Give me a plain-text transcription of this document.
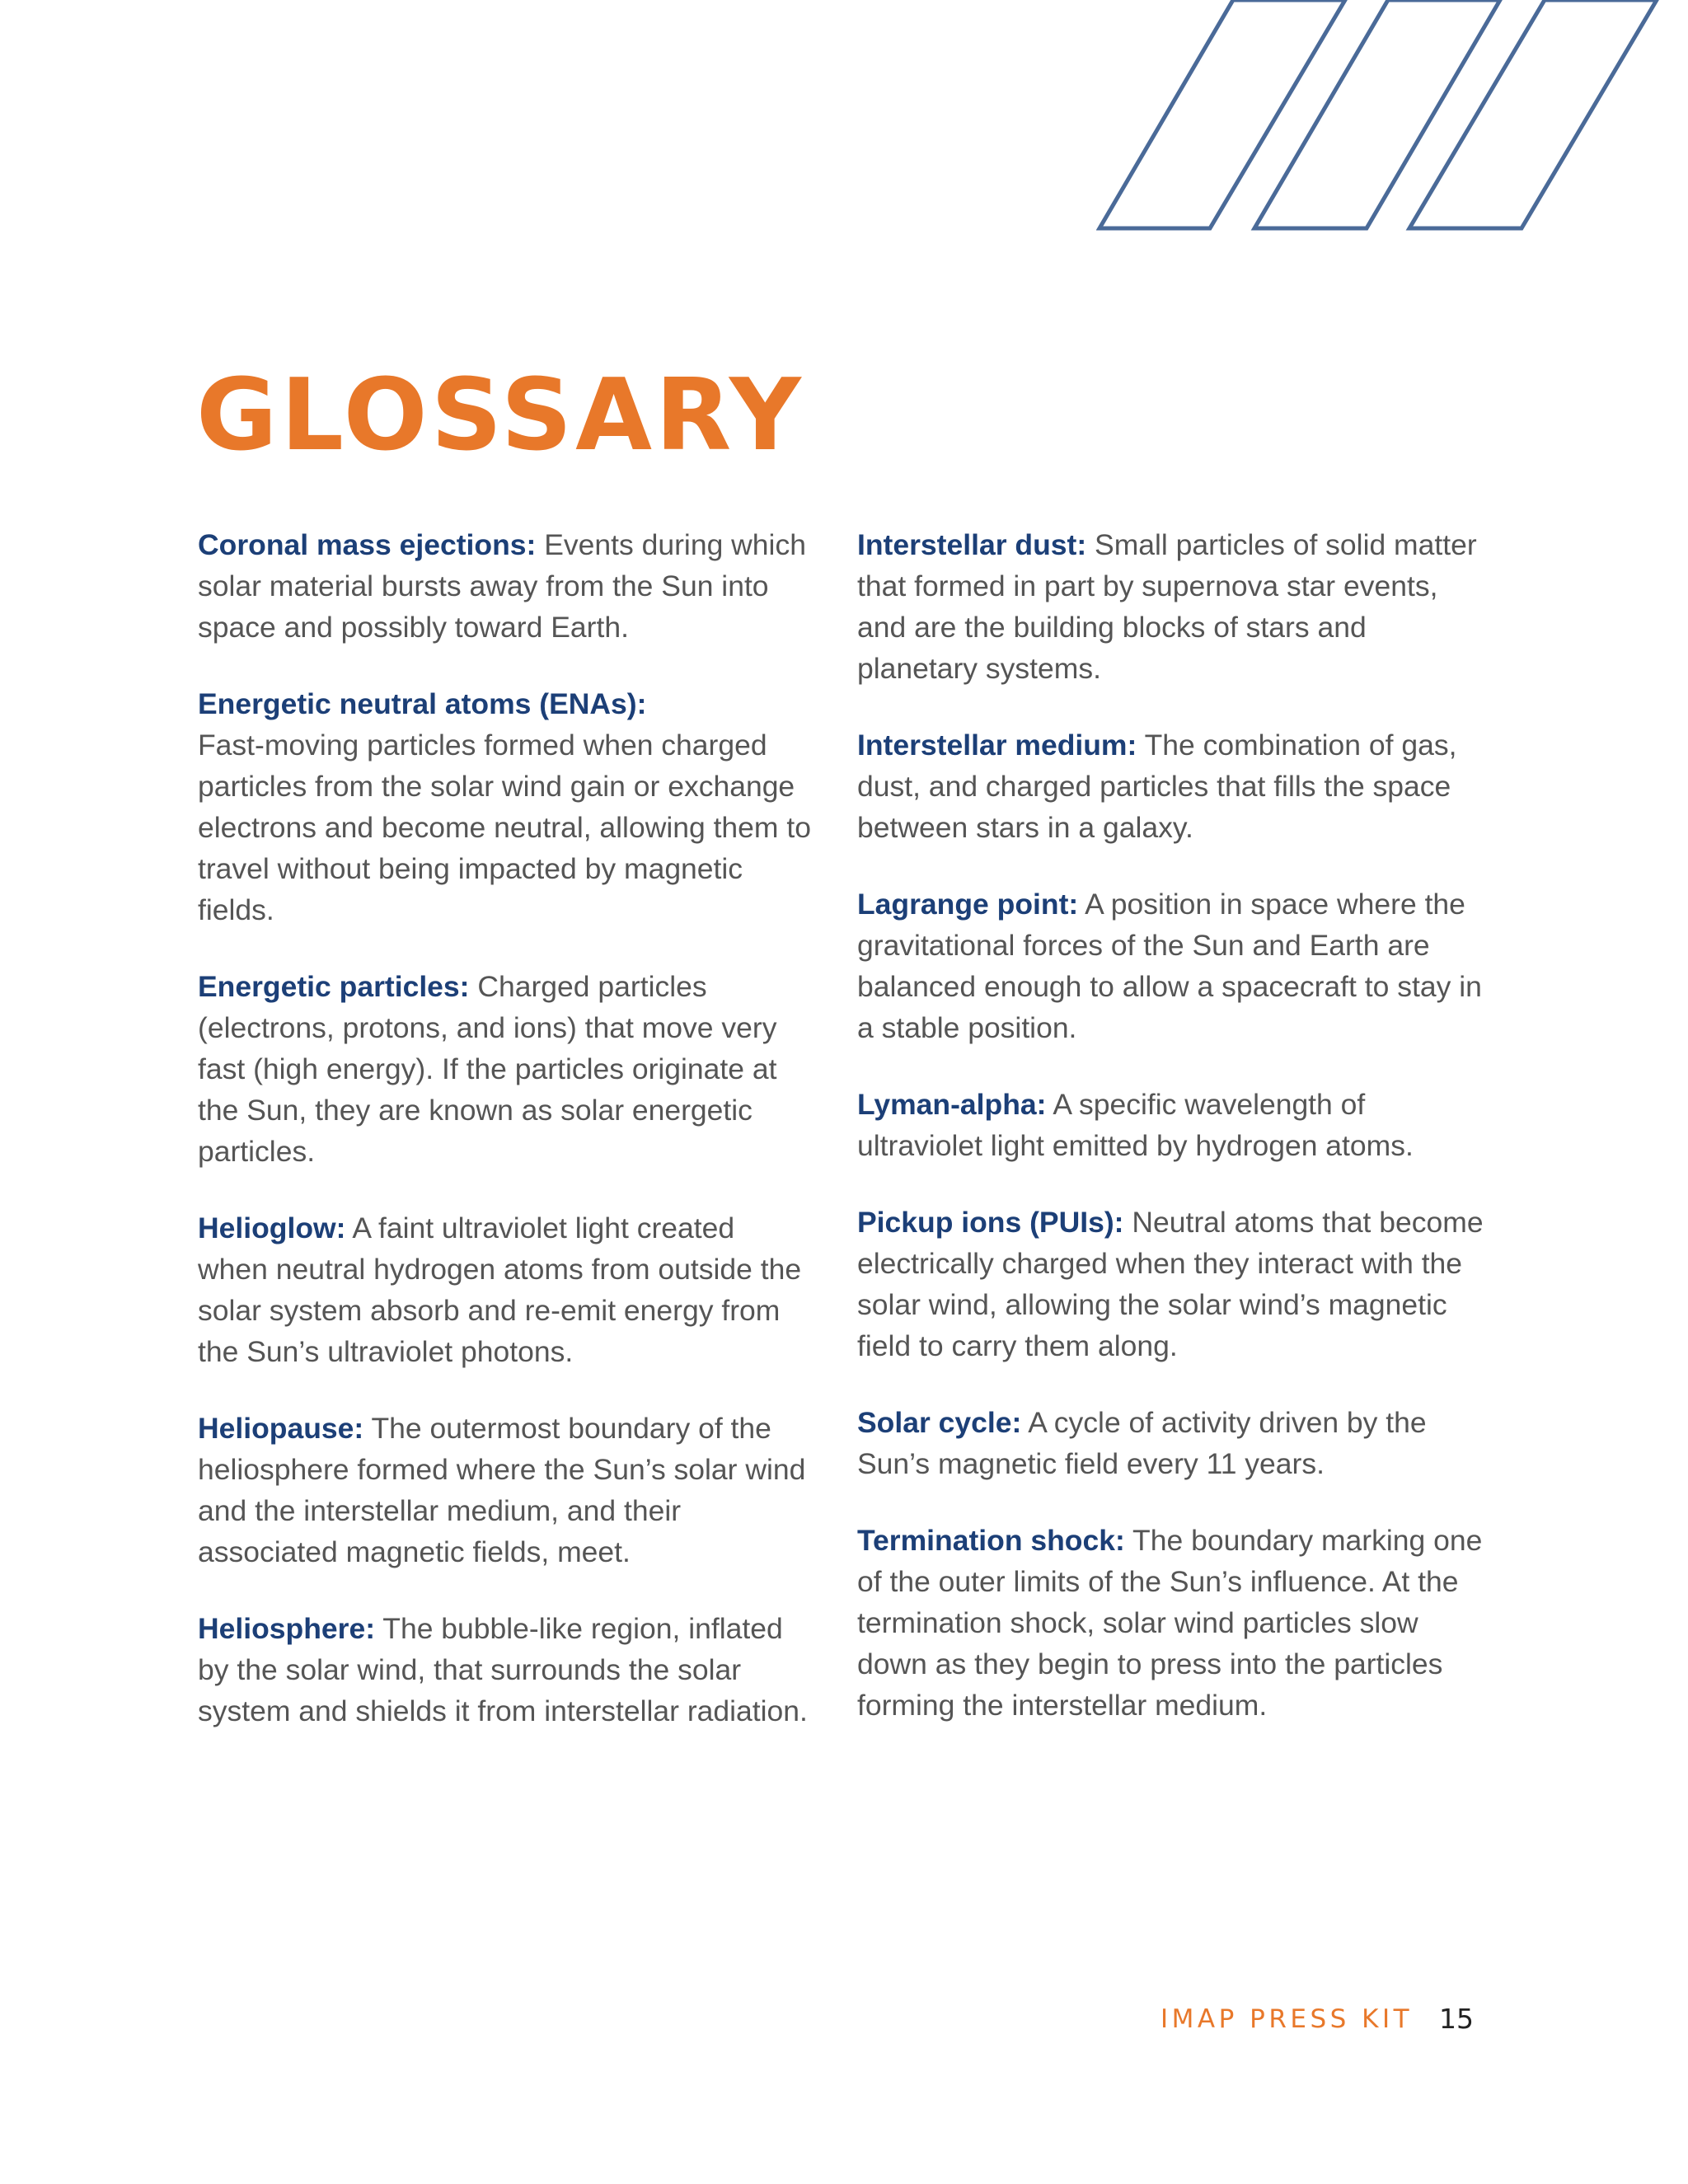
GLOSSARY

Coronal mass ejections: Events during which solar material bursts away from the Sun into space and possibly toward Earth.

Energetic neutral atoms (ENAs):
Fast-moving particles formed when charged particles from the solar wind gain or exchange electrons and become neutral, allowing them to travel without being impacted by magnetic fields.

Energetic particles: Charged particles (electrons, protons, and ions) that move very fast (high energy). If the particles originate at the Sun, they are known as solar energetic particles.

Helioglow: A faint ultraviolet light created when neutral hydrogen atoms from outside the solar system absorb and re-emit energy from the Sun’s ultraviolet photons.

Heliopause: The outermost boundary of the heliosphere formed where the Sun’s solar wind and the interstellar medium, and their associated magnetic fields, meet.

Heliosphere: The bubble-like region, inflated by the solar wind, that surrounds the solar system and shields it from interstellar radiation.

Interstellar dust: Small particles of solid matter that formed in part by supernova star events, and are the building blocks of stars and planetary systems.

Interstellar medium: The combination of gas, dust, and charged particles that fills the space between stars in a galaxy.

Lagrange point: A position in space where the gravitational forces of the Sun and Earth are balanced enough to allow a spacecraft to stay in a stable position.

Lyman-alpha: A specific wavelength of ultraviolet light emitted by hydrogen atoms.

Pickup ions (PUIs): Neutral atoms that become electrically charged when they interact with the solar wind, allowing the solar wind’s magnetic field to carry them along.

Solar cycle: A cycle of activity driven by the Sun’s magnetic field every 11 years.

Termination shock: The boundary marking one of the outer limits of the Sun’s influence. At the termination shock, solar wind particles slow down as they begin to press into the particles forming the interstellar medium.

IMAP PRESS KIT 15
